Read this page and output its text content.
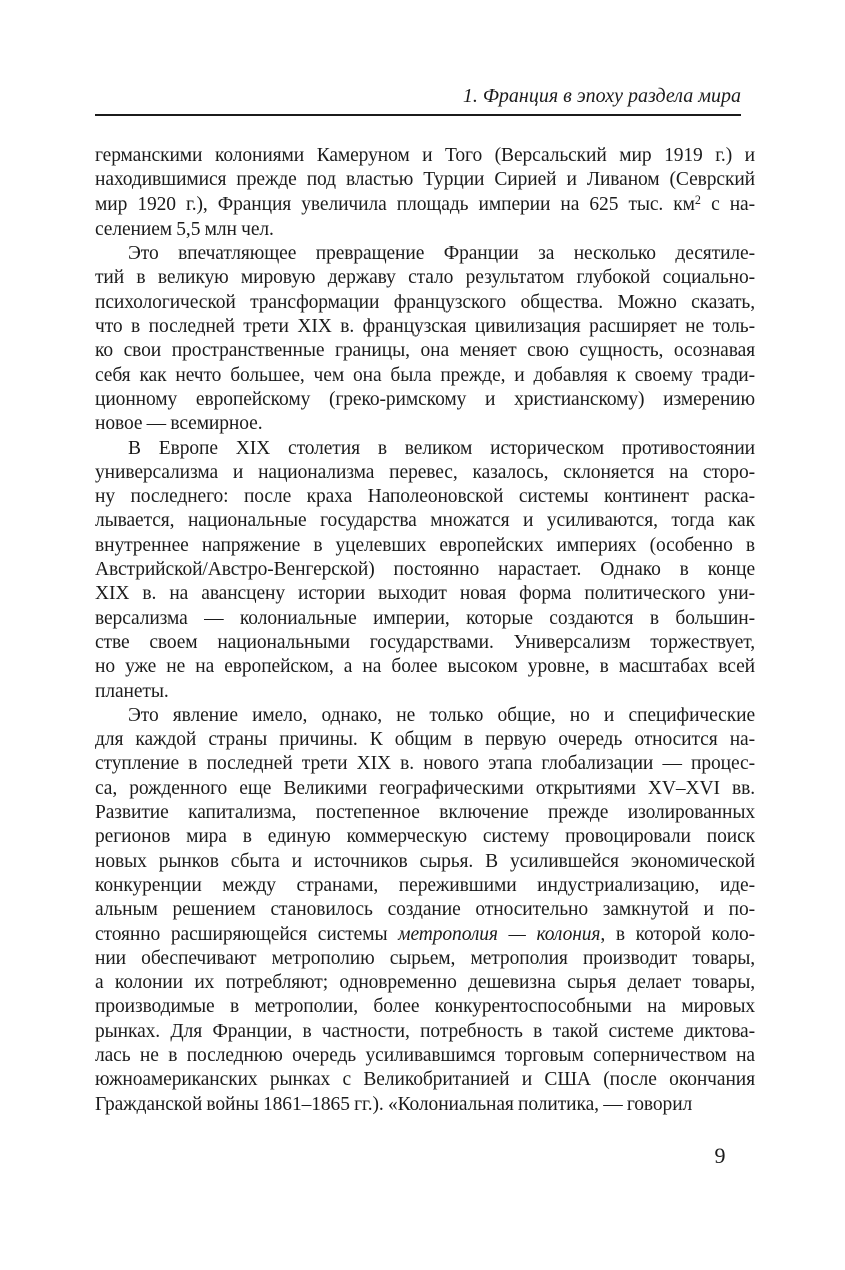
1. Франция в эпоху раздела мира
германскими колониями Камеруном и Того (Версальский мир 1919 г.) и
находившимися прежде под властью Турции Сирией и Ливаном (Севрский
мир 1920 г.), Франция увеличила площадь империи на 625 тыс. $км^2$ с на-
селением 5,5 млн чел.
Это впечатляющее превращение Франции за несколько десятиле-
тий в великую мировую державу стало результатом глубокой социально-
психологической трансформации французского общества. Можно сказать,
что в последней трети XIX в. французская цивилизация расширяет не толь-
ко свои пространственные границы, она меняет свою сущность, осознавая
себя как нечто большее, чем она была прежде, и добавляя к своему тради-
ционному европейскому (греко-римскому и христианскому) измерению
новое — всемирное.
В Европе XIX столетия в великом историческом противостоянии
универсализма и национализма перевес, казалось, склоняется на сторо-
ну последнего: после краха Наполеоновской системы континент раска-
лывается, национальные государства множатся и усиливаются, тогда как
внутреннее напряжение в уцелевших европейских империях (особенно в
Австрийской/Австро-Венгерской) постоянно нарастает. Однако в конце
XIX в. на авансцену истории выходит новая форма политического уни-
версализма — колониальные империи, которые создаются в большин-
стве своем национальными государствами. Универсализм торжествует,
но уже не на европейском, а на более высоком уровне, в масштабах всей
планеты.
Это явление имело, однако, не только общие, но и специфические
для каждой страны причины. К общим в первую очередь относится на-
ступление в последней трети XIX в. нового этапа глобализации — процес-
са, рожденного еще Великими географическими открытиями XV–XVI вв.
Развитие капитализма, постепенное включение прежде изолированных
регионов мира в единую коммерческую систему провоцировали поиск
новых рынков сбыта и источников сырья. В усилившейся экономической
конкуренции между странами, пережившими индустриализацию, иде-
альным решением становилось создание относительно замкнутой и по-
стоянно расширяющейся системы метрополия — колония, в которой коло-
нии обеспечивают метрополию сырьем, метрополия производит товары,
а колонии их потребляют; одновременно дешевизна сырья делает товары,
производимые в метрополии, более конкурентоспособными на мировых
рынках. Для Франции, в частности, потребность в такой системе диктова-
лась не в последнюю очередь усиливавшимся торговым соперничеством на
южноамериканских рынках с Великобританией и США (после окончания
Гражданской войны 1861–1865 гг.). «Колониальная политика, — говорил
9
